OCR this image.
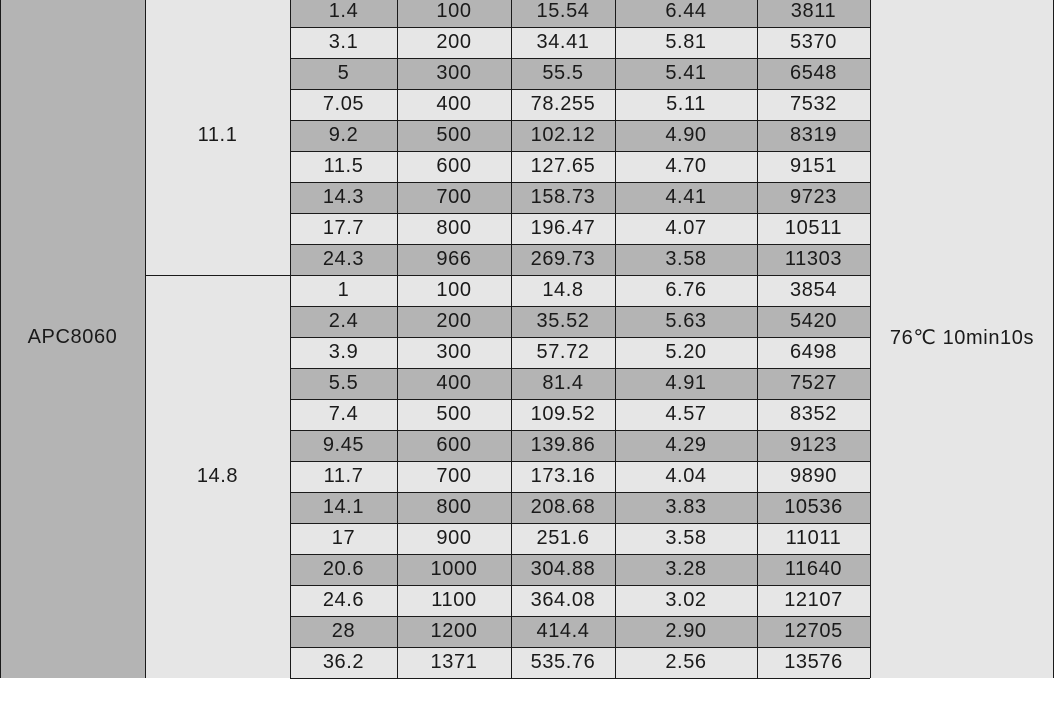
APC8060	76℃ 10min10s
1.4	100	15.54	6.44	3811
3.1	200	34.41	5.81	5370
5	300	55.5	5.41	6548
7.05	400	78.255	5.11	7532
9.2	500	102.12	4.90	8319
11.5	600	127.65	4.70	9151
14.3	700	158.73	4.41	9723
17.7	800	196.47	4.07	10511
24.3	966	269.73	3.58	11303
11.1
1	100	14.8	6.76	3854
2.4	200	35.52	5.63	5420
3.9	300	57.72	5.20	6498
5.5	400	81.4	4.91	7527
7.4	500	109.52	4.57	8352
9.45	600	139.86	4.29	9123
11.7	700	173.16	4.04	9890
14.1	800	208.68	3.83	10536
17	900	251.6	3.58	11011
20.6	1000	304.88	3.28	11640
24.6	1100	364.08	3.02	12107
28	1200	414.4	2.90	12705
36.2	1371	535.76	2.56	13576
14.8
